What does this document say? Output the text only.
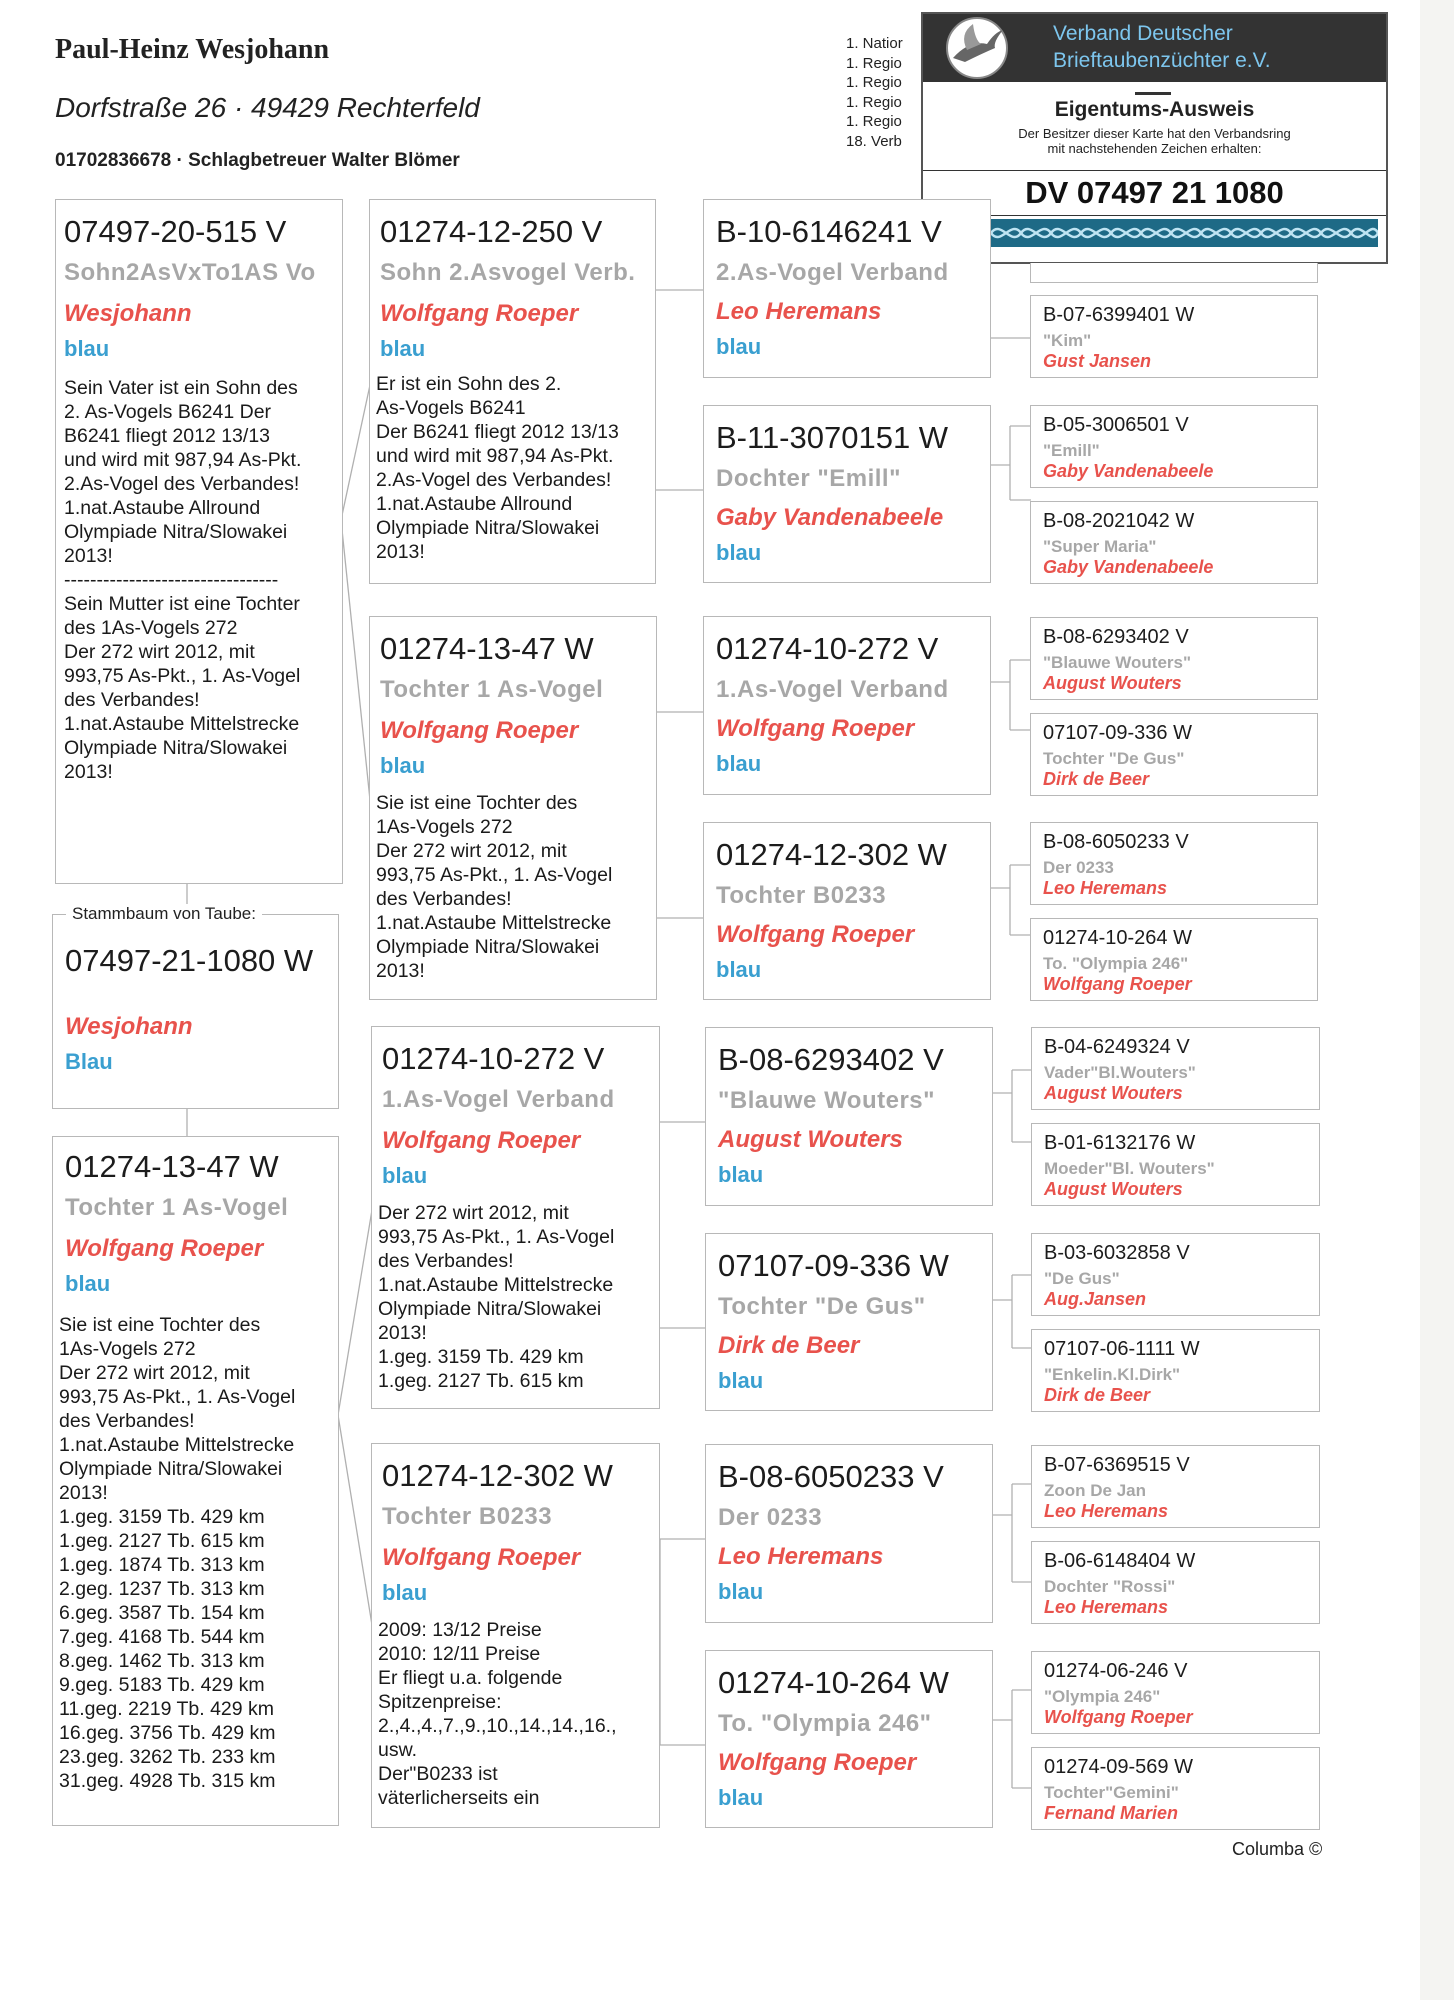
Paul-Heinz Wesjohann
Dorfstraße 26 · 49429 Rechterfeld
01702836678 · Schlagbetreuer Walter Blömer
1. Natior
1. Regio
1. Regio
1. Regio
1. Regio
18. Verb
Verband Deutscher
Brieftaubenzüchter e.V.
Eigentums-Ausweis
Der Besitzer dieser Karte hat den Verbandsring
mit nachstehenden Zeichen erhalten:
DV 07497 21 1080
07497-20-515 V
Sohn2AsVxTo1AS Vo
Wesjohann
blau
Sein Vater ist ein Sohn des
2. As-Vogels B6241 Der
B6241 fliegt 2012 13/13
und wird mit 987,94 As-Pkt.
2.As-Vogel des Verbandes!
1.nat.Astaube Allround
Olympiade Nitra/Slowakei
2013!
---------------------------------
Sein Mutter ist eine Tochter
des 1As-Vogels 272
Der 272 wirt 2012, mit
993,75 As-Pkt., 1. As-Vogel
des Verbandes!
1.nat.Astaube Mittelstrecke
Olympiade Nitra/Slowakei
2013!
07497-21-1080 W
Wesjohann
Blau
Stammbaum von Taube:
01274-13-47 W
Tochter 1 As-Vogel
Wolfgang Roeper
blau
Sie ist eine Tochter des
1As-Vogels 272
Der 272 wirt 2012, mit
993,75 As-Pkt., 1. As-Vogel
des Verbandes!
1.nat.Astaube Mittelstrecke
Olympiade Nitra/Slowakei
2013!
1.geg. 3159 Tb. 429 km
1.geg. 2127 Tb. 615 km
1.geg. 1874 Tb. 313 km
2.geg. 1237 Tb. 313 km
6.geg. 3587 Tb. 154 km
7.geg. 4168 Tb. 544 km
8.geg. 1462 Tb. 313 km
9.geg. 5183 Tb. 429 km
11.geg. 2219 Tb. 429 km
16.geg. 3756 Tb. 429 km
23.geg. 3262 Tb. 233 km
31.geg. 4928 Tb. 315 km
01274-12-250 V
Sohn 2.Asvogel Verb.
Wolfgang Roeper
blau
Er ist ein Sohn des 2.
As-Vogels B6241
Der B6241 fliegt 2012 13/13
und wird mit 987,94 As-Pkt.
2.As-Vogel des Verbandes!
1.nat.Astaube Allround
Olympiade Nitra/Slowakei
2013!
01274-13-47 W
Tochter 1 As-Vogel
Wolfgang Roeper
blau
Sie ist eine Tochter des
1As-Vogels 272
Der 272 wirt 2012, mit
993,75 As-Pkt., 1. As-Vogel
des Verbandes!
1.nat.Astaube Mittelstrecke
Olympiade Nitra/Slowakei
2013!
01274-10-272 V
1.As-Vogel Verband
Wolfgang Roeper
blau
Der 272 wirt 2012, mit
993,75 As-Pkt., 1. As-Vogel
des Verbandes!
1.nat.Astaube Mittelstrecke
Olympiade Nitra/Slowakei
2013!
1.geg. 3159 Tb. 429 km
1.geg. 2127 Tb. 615 km
01274-12-302 W
Tochter B0233
Wolfgang Roeper
blau
2009: 13/12 Preise
2010: 12/11 Preise
Er fliegt u.a. folgende
Spitzenpreise:
2.,4.,4.,7.,9.,10.,14.,14.,16.,
usw.
Der"B0233 ist
väterlicherseits ein
B-10-6146241 V
2.As-Vogel Verband
Leo Heremans
blau
B-11-3070151 W
Dochter "Emill"
Gaby Vandenabeele
blau
01274-10-272 V
1.As-Vogel Verband
Wolfgang Roeper
blau
01274-12-302 W
Tochter B0233
Wolfgang Roeper
blau
B-08-6293402 V
"Blauwe Wouters"
August Wouters
blau
07107-09-336 W
Tochter "De Gus"
Dirk de Beer
blau
B-08-6050233 V
Der 0233
Leo Heremans
blau
01274-10-264 W
To. "Olympia 246"
Wolfgang Roeper
blau
B-07-6399401 W
"Kim"
Gust Jansen
B-05-3006501 V
"Emill"
Gaby Vandenabeele
B-08-2021042 W
"Super Maria"
Gaby Vandenabeele
B-08-6293402 V
"Blauwe Wouters"
August Wouters
07107-09-336 W
Tochter "De Gus"
Dirk de Beer
B-08-6050233 V
Der 0233
Leo Heremans
01274-10-264 W
To. "Olympia 246"
Wolfgang Roeper
B-04-6249324 V
Vader"Bl.Wouters"
August Wouters
B-01-6132176 W
Moeder"Bl. Wouters"
August Wouters
B-03-6032858 V
"De Gus"
Aug.Jansen
07107-06-1111 W
"Enkelin.Kl.Dirk"
Dirk de Beer
B-07-6369515 V
Zoon De Jan
Leo Heremans
B-06-6148404 W
Dochter "Rossi"
Leo Heremans
01274-06-246 V
"Olympia 246"
Wolfgang Roeper
01274-09-569 W
Tochter"Gemini"
Fernand Marien
Columba ©
